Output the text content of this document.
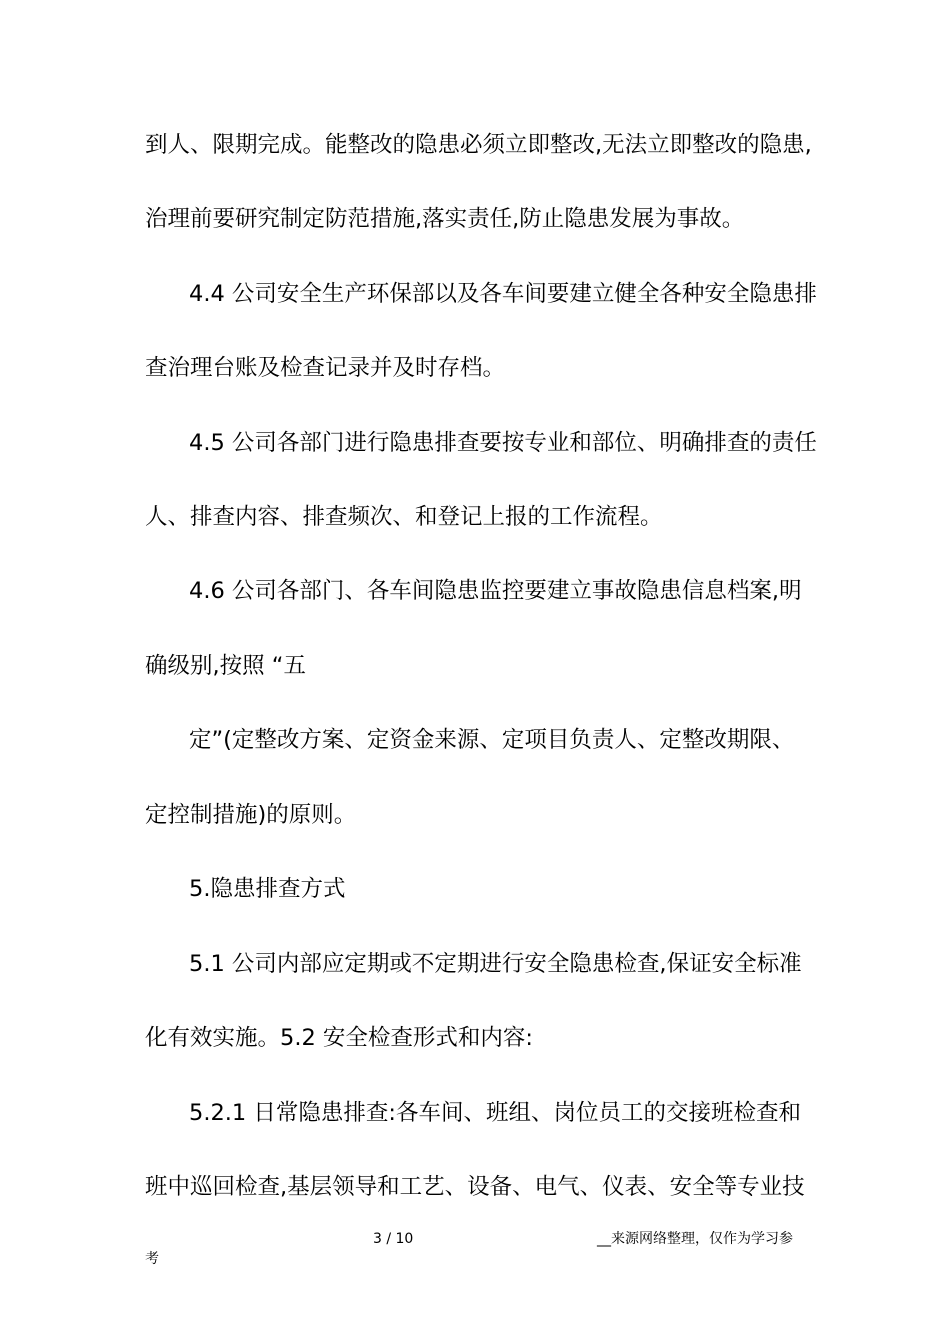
到人、限期完成。能整改的隐患必须立即整改,无法立即整改的隐患,
治理前要研究制定防范措施,落实责任,防止隐患发展为事故。
4.4 公司安全生产环保部以及各车间要建立健全各种安全隐患排
查治理台账及检查记录并及时存档。
4.5 公司各部门进行隐患排查要按专业和部位、明确排查的责任
人、排查内容、排查频次、和登记上报的工作流程。
4.6 公司各部门、各车间隐患监控要建立事故隐患信息档案,明
确级别,按照 “五
定”(定整改方案、定资金来源、定项目负责人、定整改期限、
定控制措施)的原则。
5.隐患排查方式
5.1 公司内部应定期或不定期进行安全隐患检查,保证安全标准
化有效实施。5.2 安全检查形式和内容:
5.2.1 日常隐患排查:各车间、班组、岗位员工的交接班检查和
班中巡回检查,基层领导和工艺、设备、电气、仪表、安全等专业技
3 / 10	__来源网络整理，仅作为学习参
考
